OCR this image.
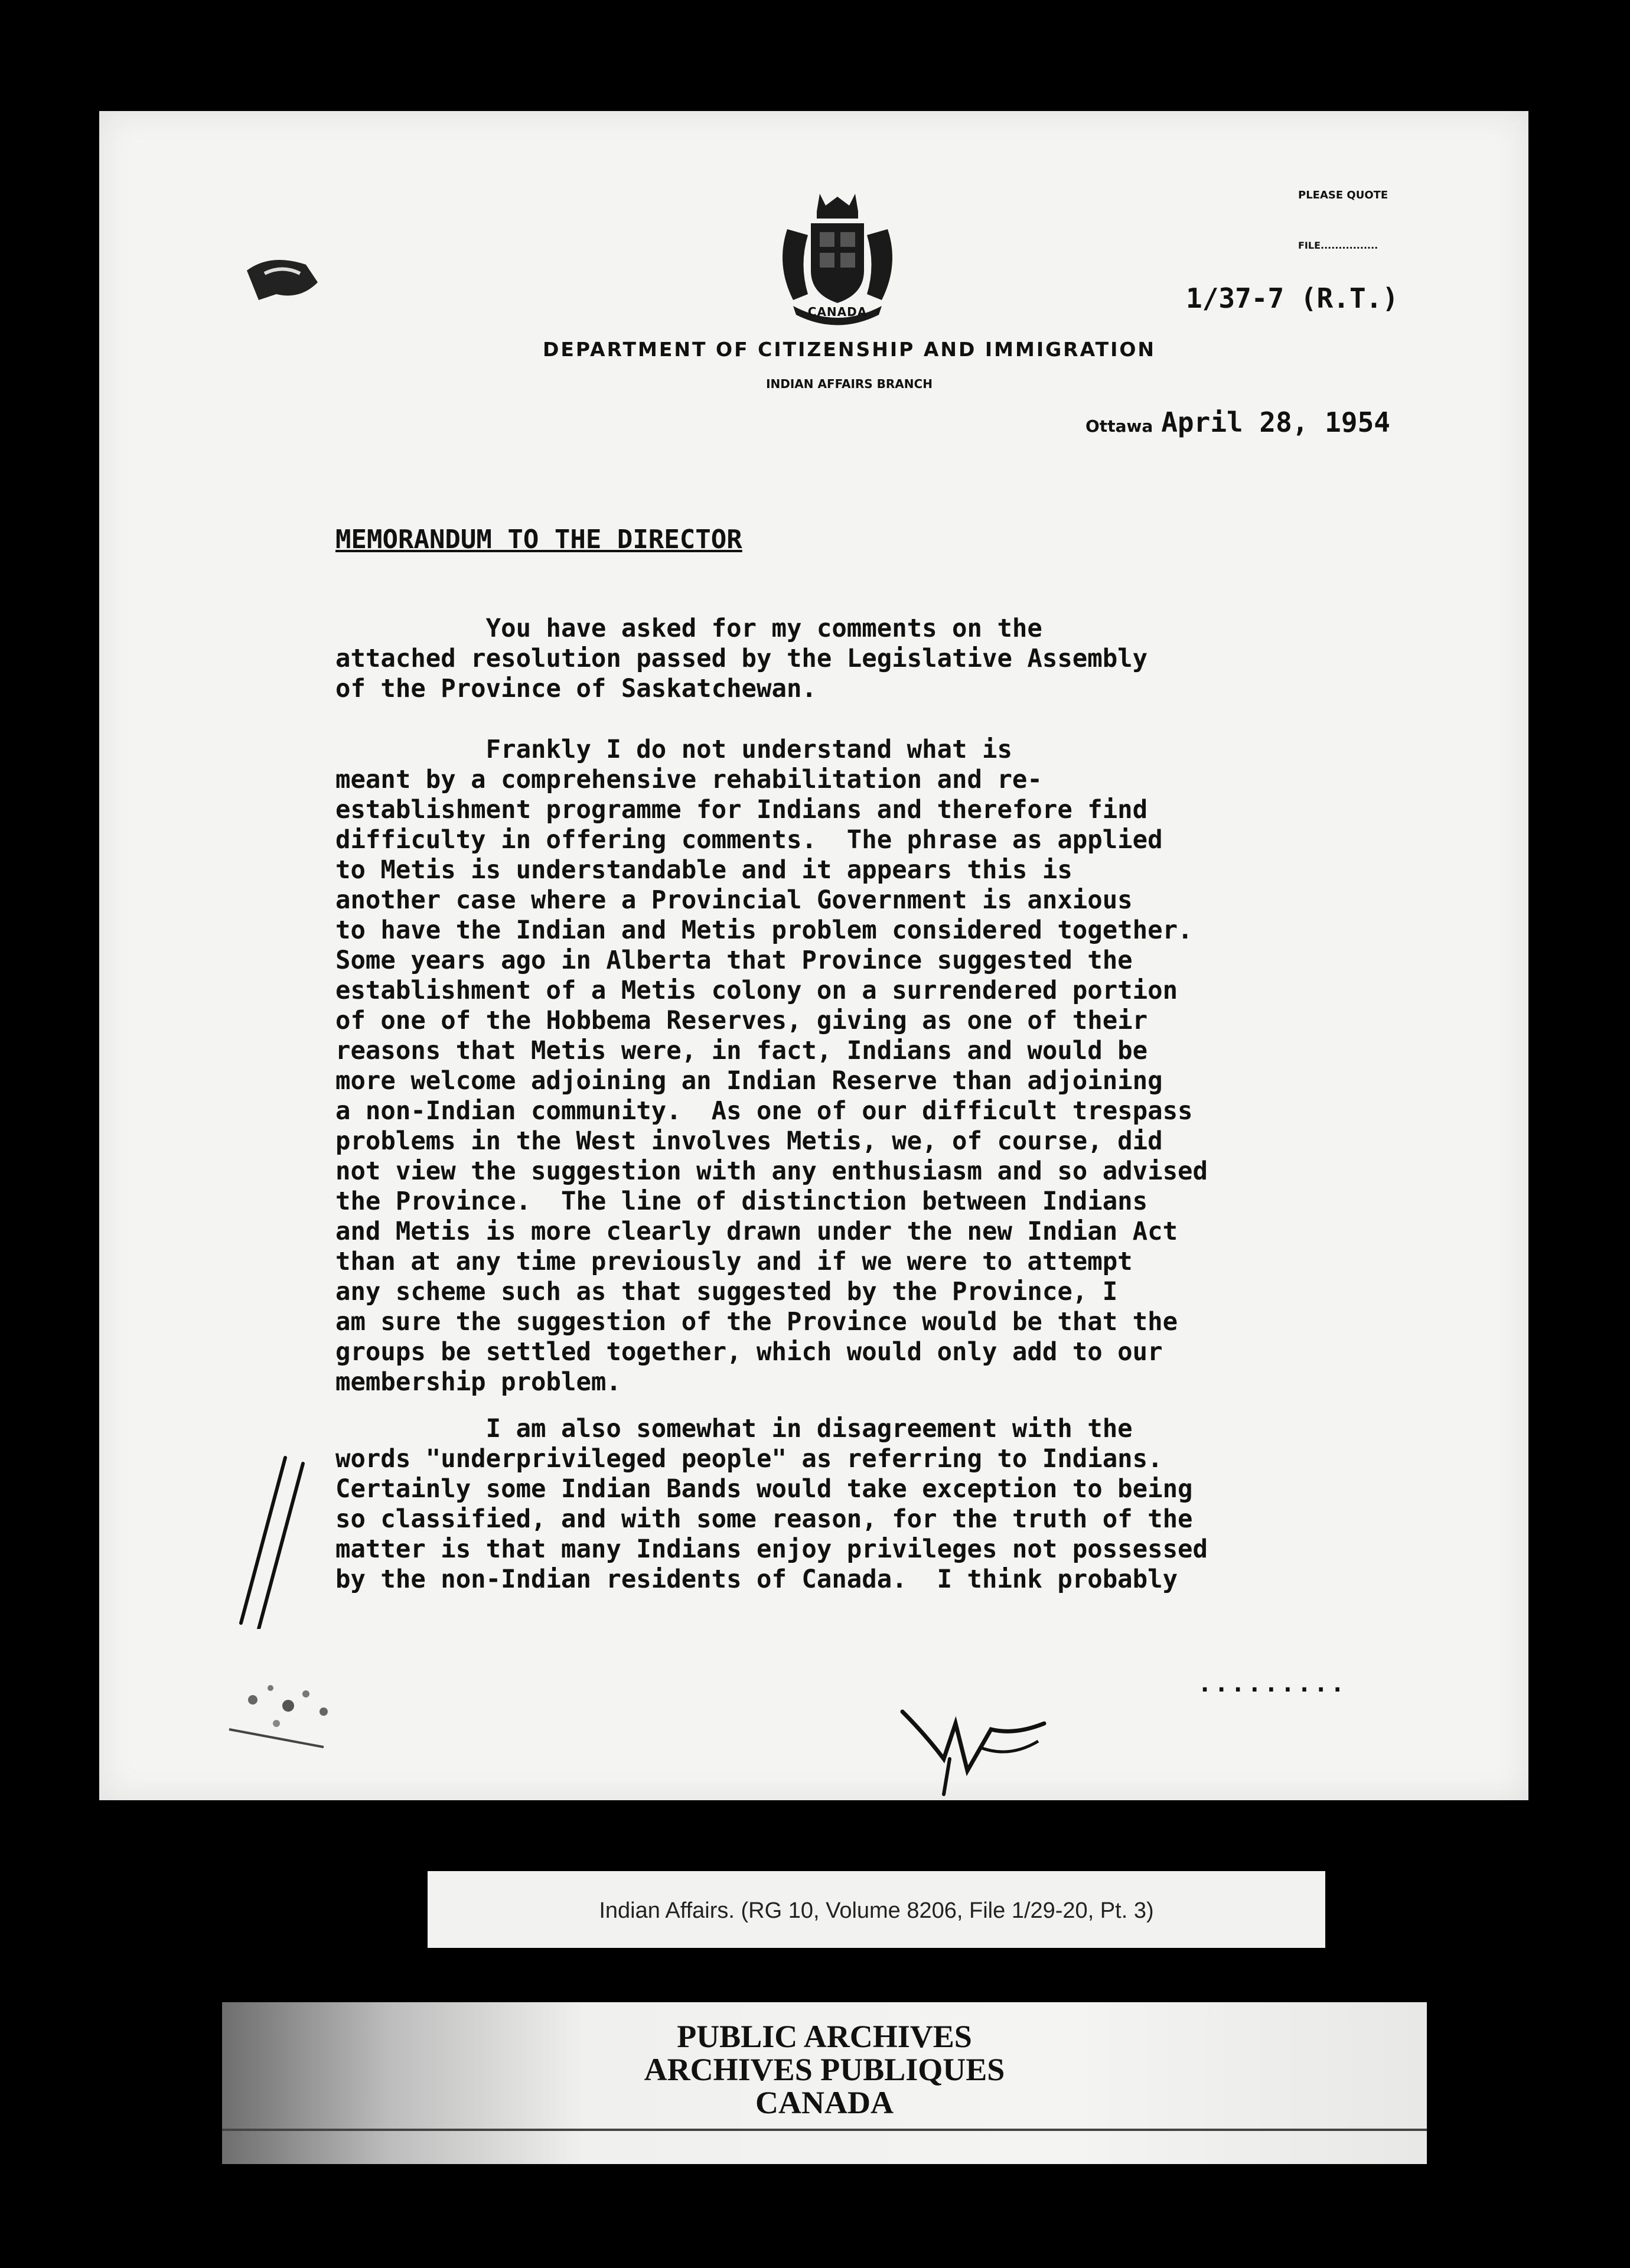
CANADA
PLEASE QUOTE
FILE................
1/37-7 (R.T.)
DEPARTMENT OF CITIZENSHIP AND IMMIGRATION
INDIAN AFFAIRS BRANCH
Ottawa April 28, 1954
MEMORANDUM TO THE DIRECTOR

You have asked for my comments on the
attached resolution passed by the Legislative Assembly
of the Province of Saskatchewan.

Frankly I do not understand what is
meant by a comprehensive rehabilitation and re-
establishment programme for Indians and therefore find
difficulty in offering comments.  The phrase as applied
to Metis is understandable and it appears this is
another case where a Provincial Government is anxious
to have the Indian and Metis problem considered together.
Some years ago in Alberta that Province suggested the
establishment of a Metis colony on a surrendered portion
of one of the Hobbema Reserves, giving as one of their
reasons that Metis were, in fact, Indians and would be
more welcome adjoining an Indian Reserve than adjoining
a non-Indian community.  As one of our difficult trespass
problems in the West involves Metis, we, of course, did
not view the suggestion with any enthusiasm and so advised
the Province.  The line of distinction between Indians
and Metis is more clearly drawn under the new Indian Act
than at any time previously and if we were to attempt
any scheme such as that suggested by the Province, I
am sure the suggestion of the Province would be that the
groups be settled together, which would only add to our
membership problem.

I am also somewhat in disagreement with the
words "underprivileged people" as referring to Indians.
Certainly some Indian Bands would take exception to being
so classified, and with some reason, for the truth of the
matter is that many Indians enjoy privileges not possessed
by the non-Indian residents of Canada.  I think probably

.........
Indian Affairs. (RG 10, Volume 8206, File 1/29-20, Pt. 3)
PUBLIC ARCHIVES
ARCHIVES PUBLIQUES
CANADA
